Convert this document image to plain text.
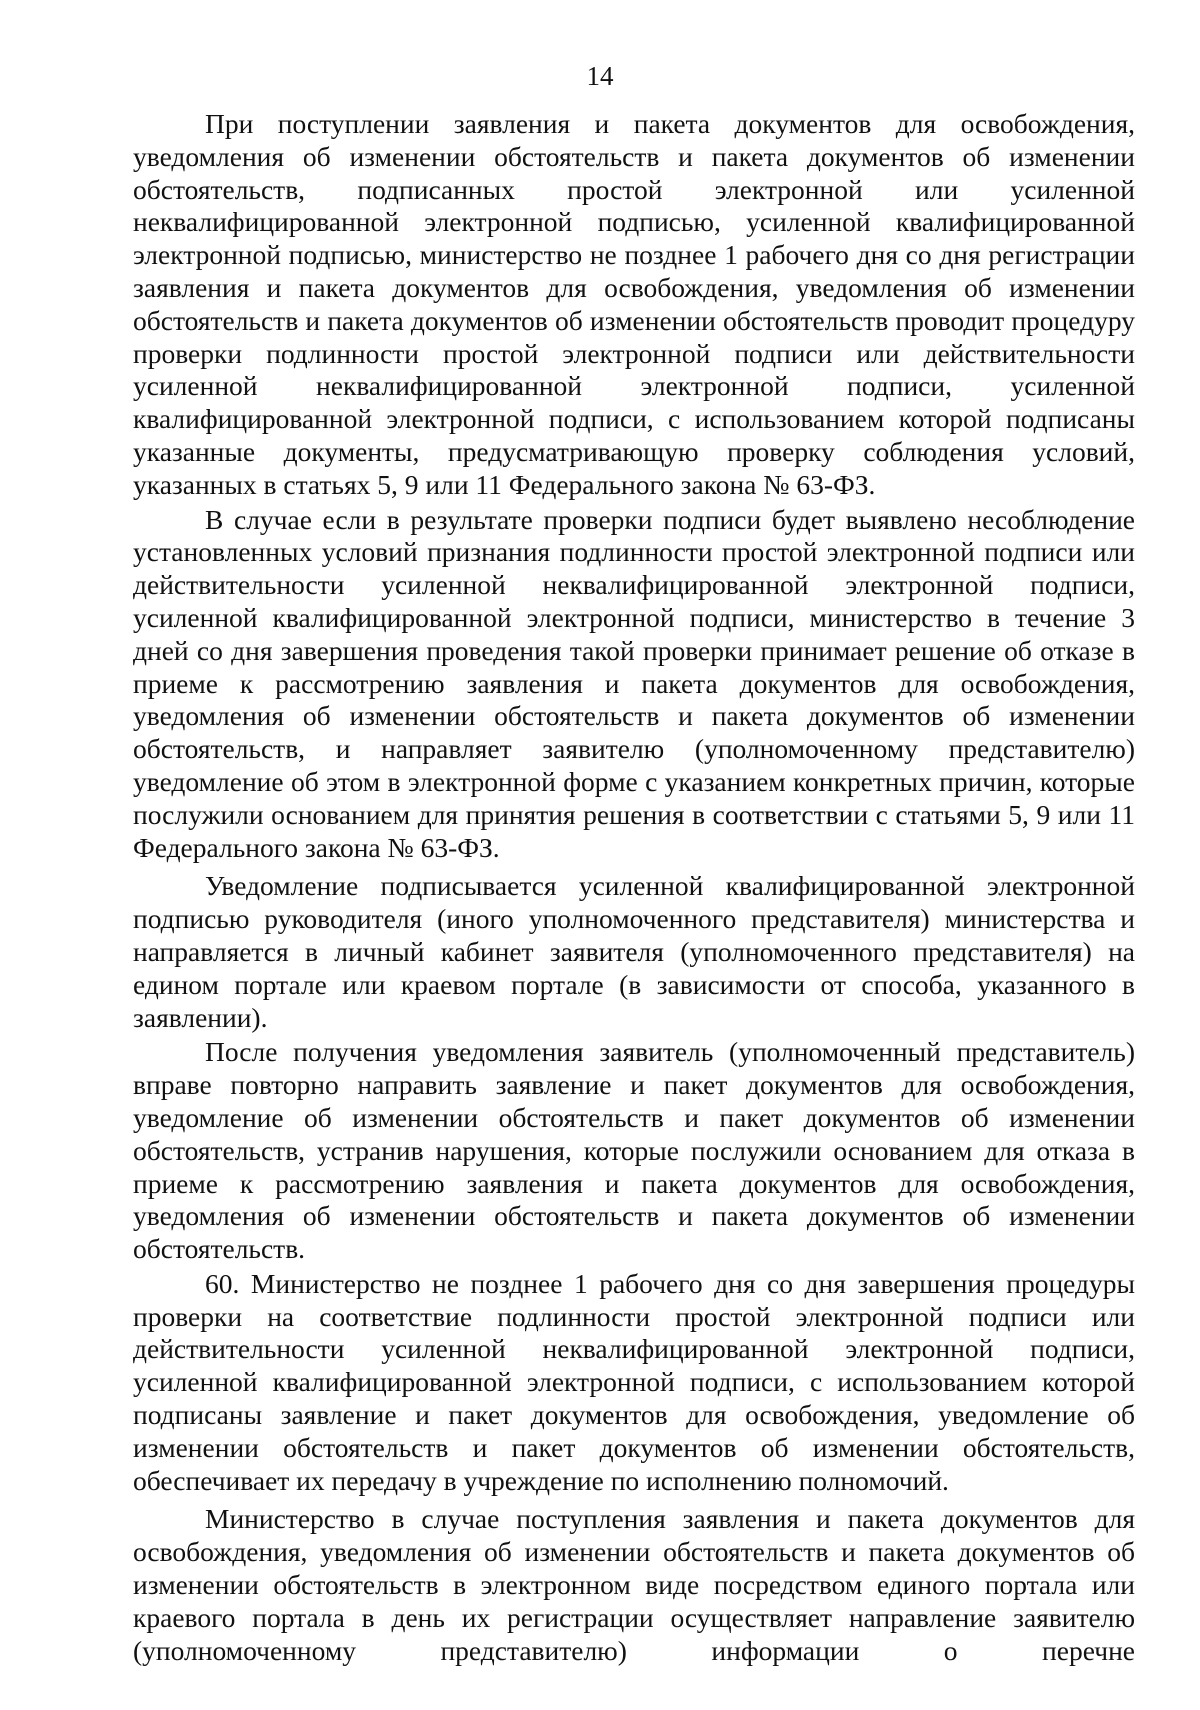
14

При поступлении заявления и пакета документов для освобождения, уведомления об изменении обстоятельств и пакета документов об изменении обстоятельств, подписанных простой электронной или усиленной неквалифицированной электронной подписью, усиленной квалифицированной электронной подписью, министерство не позднее 1 рабочего дня со дня регистрации заявления и пакета документов для освобождения, уведомления об изменении обстоятельств и пакета документов об изменении обстоятельств проводит процедуру проверки подлинности простой электронной подписи или действительности усиленной неквалифицированной электронной подписи, усиленной квалифицированной электронной подписи, с использованием которой подписаны указанные документы, предусматривающую проверку соблюдения условий, указанных в статьях 5, 9 или 11 Федерального закона № 63-ФЗ.

В случае если в результате проверки подписи будет выявлено несоблюдение установленных условий признания подлинности простой электронной подписи или действительности усиленной неквалифицированной электронной подписи, усиленной квалифицированной электронной подписи, министерство в течение 3 дней со дня завершения проведения такой проверки принимает решение об отказе в приеме к рассмотрению заявления и пакета документов для освобождения, уведомления об изменении обстоятельств и пакета документов об изменении обстоятельств, и направляет заявителю (уполномоченному представителю) уведомление об этом в электронной форме с указанием конкретных причин, которые послужили основанием для принятия решения в соответствии с статьями 5, 9 или 11 Федерального закона № 63-ФЗ.

Уведомление подписывается усиленной квалифицированной электронной подписью руководителя (иного уполномоченного представителя) министерства и направляется в личный кабинет заявителя (уполномоченного представителя) на едином портале или краевом портале (в зависимости от способа, указанного в заявлении).

После получения уведомления заявитель (уполномоченный представитель) вправе повторно направить заявление и пакет документов для освобождения, уведомление об изменении обстоятельств и пакет документов об изменении обстоятельств, устранив нарушения, которые послужили основанием для отказа в приеме к рассмотрению заявления и пакета документов для освобождения, уведомления об изменении обстоятельств и пакета документов об изменении обстоятельств.

60. Министерство не позднее 1 рабочего дня со дня завершения процедуры проверки на соответствие подлинности простой электронной подписи или действительности усиленной неквалифицированной электронной подписи, усиленной квалифицированной электронной подписи, с использованием которой подписаны заявление и пакет документов для освобождения, уведомление об изменении обстоятельств и пакет документов об изменении обстоятельств, обеспечивает их передачу в учреждение по исполнению полномочий.

Министерство в случае поступления заявления и пакета документов для освобождения, уведомления об изменении обстоятельств и пакета документов об изменении обстоятельств в электронном виде посредством единого портала или краевого портала в день их регистрации осуществляет направление заявителю (уполномоченному представителю) информации о перечне
